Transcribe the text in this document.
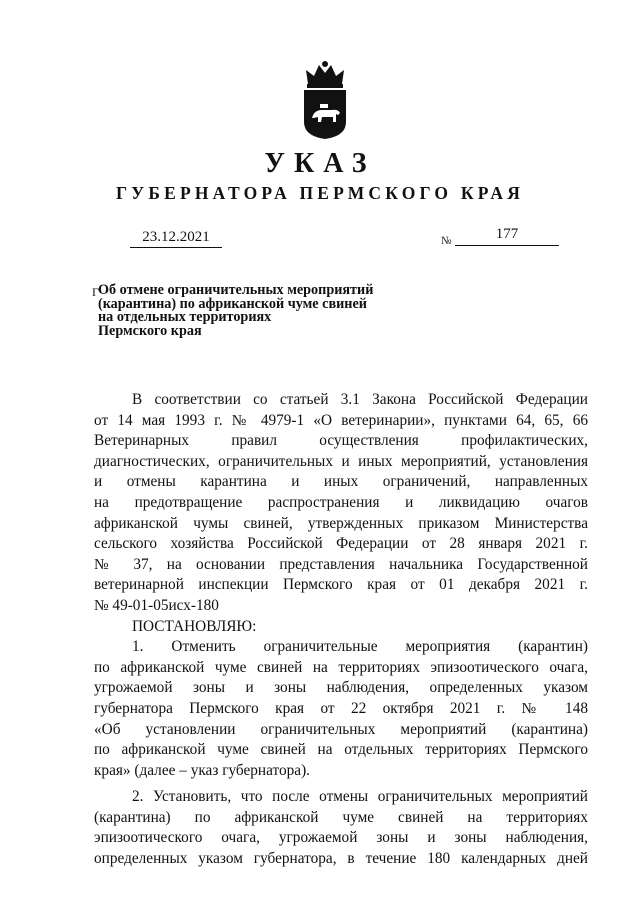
УКАЗ
ГУБЕРНАТОРА ПЕРМСКОГО КРАЯ
23.12.2021	№	177
Г Об отмене ограничительных мероприятий
(карантина) по африканской чуме свиней
на отдельных территориях
Пермского края
В соответствии со статьей 3.1 Закона Российской Федерации
от 14 мая 1993 г. № 4979-1 «О ветеринарии», пунктами 64, 65, 66
Ветеринарных правил осуществления профилактических,
диагностических, ограничительных и иных мероприятий, установления
и отмены карантина и иных ограничений, направленных
на предотвращение распространения и ликвидацию очагов
африканской чумы свиней, утвержденных приказом Министерства
сельского хозяйства Российской Федерации от 28 января 2021 г.
№ 37, на основании представления начальника Государственной
ветеринарной инспекции Пермского края от 01 декабря 2021 г.
№ 49-01-05исх-180
ПОСТАНОВЛЯЮ:
1. Отменить ограничительные мероприятия (карантин)
по африканской чуме свиней на территориях эпизоотического очага,
угрожаемой зоны и зоны наблюдения, определенных указом
губернатора Пермского края от 22 октября 2021 г. № 148
«Об установлении ограничительных мероприятий (карантина)
по африканской чуме свиней на отдельных территориях Пермского
края» (далее – указ губернатора).
2. Установить, что после отмены ограничительных мероприятий
(карантина) по африканской чуме свиней на территориях
эпизоотического очага, угрожаемой зоны и зоны наблюдения,
определенных указом губернатора, в течение 180 календарных дней
